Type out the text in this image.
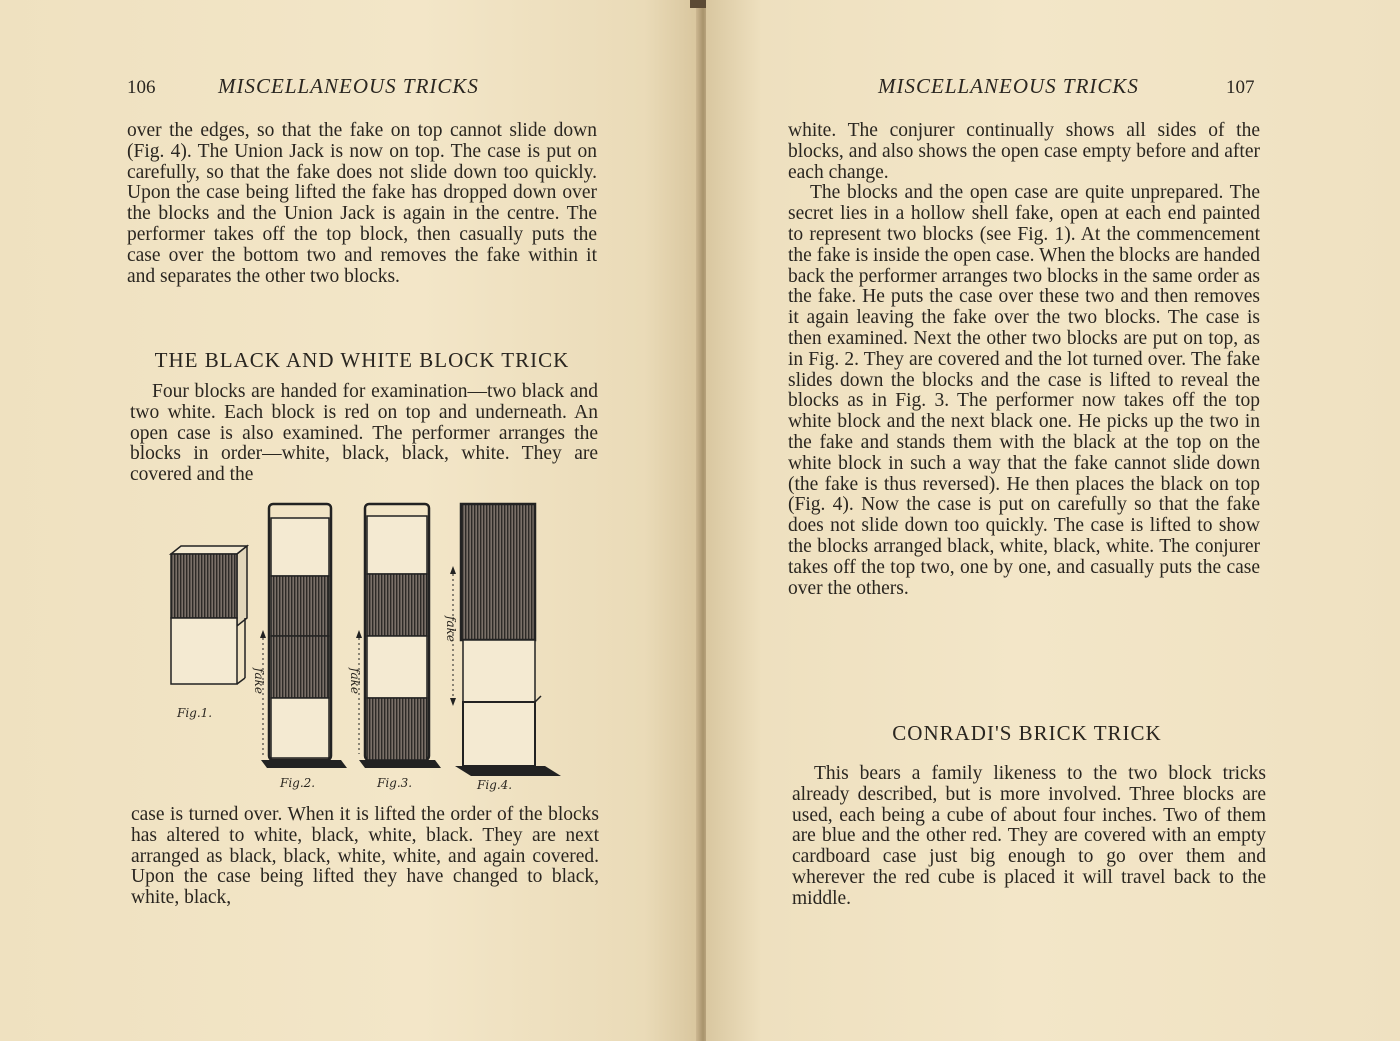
106	MISCELLANEOUS TRICKS

over the edges, so that the fake on top cannot slide down (Fig. 4). The Union Jack is now on top. The case is put on carefully, so that the fake does not slide down too quickly. Upon the case being lifted the fake has dropped down over the blocks and the Union Jack is again in the centre. The performer takes off the top block, then casually puts the case over the bottom two and removes the fake within it and separates the other two blocks.

THE BLACK AND WHITE BLOCK TRICK

Four blocks are handed for examination—two black and two white. Each block is red on top and underneath. An open case is also examined. The performer arranges the blocks in order—white, black, black, white. They are covered and the

Fig.1.
fake
Fig.2.
fake
Fig.3.
fake
Fig.4.

case is turned over. When it is lifted the order of the blocks has altered to white, black, white, black. They are next arranged as black, black, white, white, and again covered. Upon the case being lifted they have changed to black, white, black,

MISCELLANEOUS TRICKS	107

white. The conjurer continually shows all sides of the blocks, and also shows the open case empty before and after each change.

The blocks and the open case are quite unprepared. The secret lies in a hollow shell fake, open at each end painted to represent two blocks (see Fig. 1). At the commencement the fake is inside the open case. When the blocks are handed back the performer arranges two blocks in the same order as the fake. He puts the case over these two and then removes it again leaving the fake over the two blocks. The case is then examined. Next the other two blocks are put on top, as in Fig. 2. They are covered and the lot turned over. The fake slides down the blocks and the case is lifted to reveal the blocks as in Fig. 3. The performer now takes off the top white block and the next black one. He picks up the two in the fake and stands them with the black at the top on the white block in such a way that the fake cannot slide down (the fake is thus reversed). He then places the black on top (Fig. 4). Now the case is put on carefully so that the fake does not slide down too quickly. The case is lifted to show the blocks arranged black, white, black, white. The conjurer takes off the top two, one by one, and casually puts the case over the others.

CONRADI'S BRICK TRICK

This bears a family likeness to the two block tricks already described, but is more involved. Three blocks are used, each being a cube of about four inches. Two of them are blue and the other red. They are covered with an empty cardboard case just big enough to go over them and wherever the red cube is placed it will travel back to the middle.
